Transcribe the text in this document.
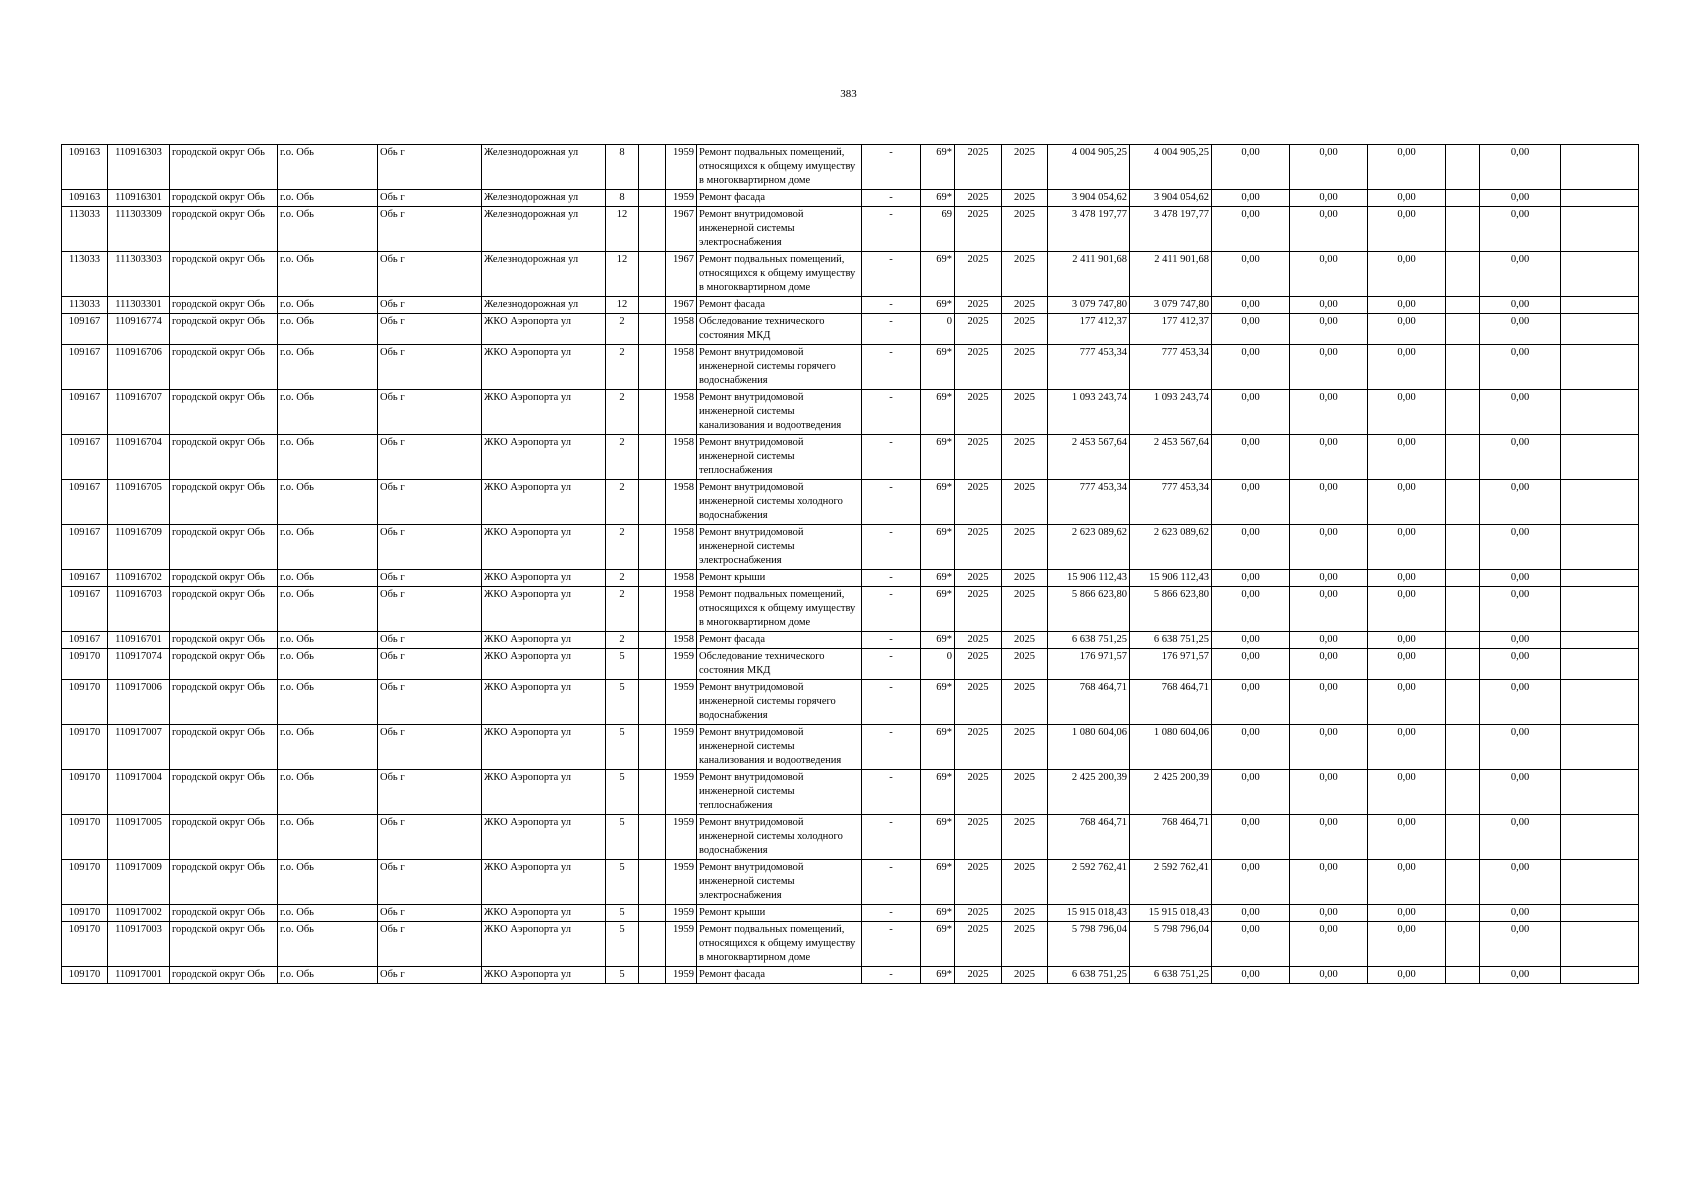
383
109163	110916303	городской округ Обь	г.о. Обь	Обь г	Железнодорожная ул	8		1959	Ремонт подвальных помещений, относящихся к общему имуществу в многоквартирном доме	-	69*	2025	2025	4 004 905,25	4 004 905,25	0,00	0,00	0,00		0,00	
109163	110916301	городской округ Обь	г.о. Обь	Обь г	Железнодорожная ул	8		1959	Ремонт фасада	-	69*	2025	2025	3 904 054,62	3 904 054,62	0,00	0,00	0,00		0,00	
113033	111303309	городской округ Обь	г.о. Обь	Обь г	Железнодорожная ул	12		1967	Ремонт внутридомовой инженерной системы электроснабжения	-	69	2025	2025	3 478 197,77	3 478 197,77	0,00	0,00	0,00		0,00	
113033	111303303	городской округ Обь	г.о. Обь	Обь г	Железнодорожная ул	12		1967	Ремонт подвальных помещений, относящихся к общему имуществу в многоквартирном доме	-	69*	2025	2025	2 411 901,68	2 411 901,68	0,00	0,00	0,00		0,00	
113033	111303301	городской округ Обь	г.о. Обь	Обь г	Железнодорожная ул	12		1967	Ремонт фасада	-	69*	2025	2025	3 079 747,80	3 079 747,80	0,00	0,00	0,00		0,00	
109167	110916774	городской округ Обь	г.о. Обь	Обь г	ЖКО Аэропорта ул	2		1958	Обследование технического состояния МКД	-	0	2025	2025	177 412,37	177 412,37	0,00	0,00	0,00		0,00	
109167	110916706	городской округ Обь	г.о. Обь	Обь г	ЖКО Аэропорта ул	2		1958	Ремонт внутридомовой инженерной системы горячего водоснабжения	-	69*	2025	2025	777 453,34	777 453,34	0,00	0,00	0,00		0,00	
109167	110916707	городской округ Обь	г.о. Обь	Обь г	ЖКО Аэропорта ул	2		1958	Ремонт внутридомовой инженерной системы канализования и водоотведения	-	69*	2025	2025	1 093 243,74	1 093 243,74	0,00	0,00	0,00		0,00	
109167	110916704	городской округ Обь	г.о. Обь	Обь г	ЖКО Аэропорта ул	2		1958	Ремонт внутридомовой инженерной системы теплоснабжения	-	69*	2025	2025	2 453 567,64	2 453 567,64	0,00	0,00	0,00		0,00	
109167	110916705	городской округ Обь	г.о. Обь	Обь г	ЖКО Аэропорта ул	2		1958	Ремонт внутридомовой инженерной системы холодного водоснабжения	-	69*	2025	2025	777 453,34	777 453,34	0,00	0,00	0,00		0,00	
109167	110916709	городской округ Обь	г.о. Обь	Обь г	ЖКО Аэропорта ул	2		1958	Ремонт внутридомовой инженерной системы электроснабжения	-	69*	2025	2025	2 623 089,62	2 623 089,62	0,00	0,00	0,00		0,00	
109167	110916702	городской округ Обь	г.о. Обь	Обь г	ЖКО Аэропорта ул	2		1958	Ремонт крыши	-	69*	2025	2025	15 906 112,43	15 906 112,43	0,00	0,00	0,00		0,00	
109167	110916703	городской округ Обь	г.о. Обь	Обь г	ЖКО Аэропорта ул	2		1958	Ремонт подвальных помещений, относящихся к общему имуществу в многоквартирном доме	-	69*	2025	2025	5 866 623,80	5 866 623,80	0,00	0,00	0,00		0,00	
109167	110916701	городской округ Обь	г.о. Обь	Обь г	ЖКО Аэропорта ул	2		1958	Ремонт фасада	-	69*	2025	2025	6 638 751,25	6 638 751,25	0,00	0,00	0,00		0,00	
109170	110917074	городской округ Обь	г.о. Обь	Обь г	ЖКО Аэропорта ул	5		1959	Обследование технического состояния МКД	-	0	2025	2025	176 971,57	176 971,57	0,00	0,00	0,00		0,00	
109170	110917006	городской округ Обь	г.о. Обь	Обь г	ЖКО Аэропорта ул	5		1959	Ремонт внутридомовой инженерной системы горячего водоснабжения	-	69*	2025	2025	768 464,71	768 464,71	0,00	0,00	0,00		0,00	
109170	110917007	городской округ Обь	г.о. Обь	Обь г	ЖКО Аэропорта ул	5		1959	Ремонт внутридомовой инженерной системы канализования и водоотведения	-	69*	2025	2025	1 080 604,06	1 080 604,06	0,00	0,00	0,00		0,00	
109170	110917004	городской округ Обь	г.о. Обь	Обь г	ЖКО Аэропорта ул	5		1959	Ремонт внутридомовой инженерной системы теплоснабжения	-	69*	2025	2025	2 425 200,39	2 425 200,39	0,00	0,00	0,00		0,00	
109170	110917005	городской округ Обь	г.о. Обь	Обь г	ЖКО Аэропорта ул	5		1959	Ремонт внутридомовой инженерной системы холодного водоснабжения	-	69*	2025	2025	768 464,71	768 464,71	0,00	0,00	0,00		0,00	
109170	110917009	городской округ Обь	г.о. Обь	Обь г	ЖКО Аэропорта ул	5		1959	Ремонт внутридомовой инженерной системы электроснабжения	-	69*	2025	2025	2 592 762,41	2 592 762,41	0,00	0,00	0,00		0,00	
109170	110917002	городской округ Обь	г.о. Обь	Обь г	ЖКО Аэропорта ул	5		1959	Ремонт крыши	-	69*	2025	2025	15 915 018,43	15 915 018,43	0,00	0,00	0,00		0,00	
109170	110917003	городской округ Обь	г.о. Обь	Обь г	ЖКО Аэропорта ул	5		1959	Ремонт подвальных помещений, относящихся к общему имуществу в многоквартирном доме	-	69*	2025	2025	5 798 796,04	5 798 796,04	0,00	0,00	0,00		0,00	
109170	110917001	городской округ Обь	г.о. Обь	Обь г	ЖКО Аэропорта ул	5		1959	Ремонт фасада	-	69*	2025	2025	6 638 751,25	6 638 751,25	0,00	0,00	0,00		0,00	
